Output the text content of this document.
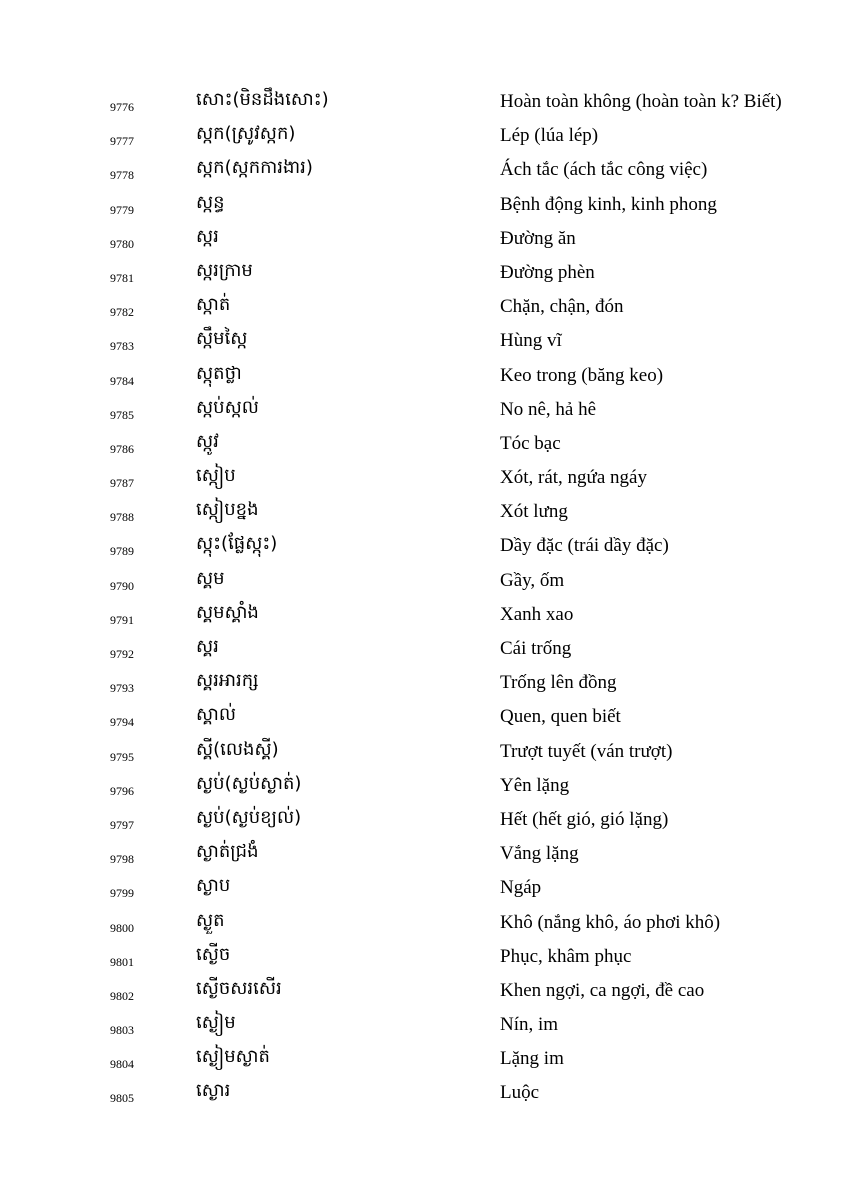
9776	សោះ(មិនដឹងសោះ)	Hoàn toàn không (hoàn toàn k? Biết)
9777	ស្កក(ស្រូវស្កក)	Lép (lúa lép)
9778	ស្កក(ស្កកការងារ)	Ách tắc (ách tắc công việc)
9779	ស្កន្ធ	Bệnh động kinh, kinh phong
9780	ស្ករ	Đường ăn
9781	ស្ករក្រាម	Đường phèn
9782	ស្កាត់	Chặn, chận, đón
9783	ស្កឹមស្កៃ	Hùng vĩ
9784	ស្កុតថ្លា	Keo trong (băng keo)
9785	ស្កប់ស្កល់	No nê, hả hê
9786	ស្កូវ	Tóc bạc
9787	ស្កៀប	Xót, rát, ngứa ngáy
9788	ស្កៀបខ្នង	Xót lưng
9789	ស្កុះ(ផ្លែស្កុះ)	Dầy đặc (trái dầy đặc)
9790	ស្គម	Gầy, ốm
9791	ស្គមស្គាំង	Xanh xao
9792	ស្គរ	Cái trống
9793	ស្គរអារក្ស	Trống lên đồng
9794	ស្គាល់	Quen, quen biết
9795	ស្គី(លេងស្គី)	Trượt tuyết (ván trượt)
9796	ស្ងប់(ស្ងប់ស្ងាត់)	Yên lặng
9797	ស្ងប់(ស្ងប់ខ្យល់)	Hết (hết gió, gió lặng)
9798	ស្ងាត់ជ្រងំ	Vắng lặng
9799	ស្ងាប	Ngáp
9800	ស្ងួត	Khô (nắng khô, áo phơi khô)
9801	ស្ងើច	Phục, khâm phục
9802	ស្ងើចសរសើរ	Khen ngợi, ca ngợi, đề cao
9803	ស្ងៀម	Nín, im
9804	ស្ងៀមស្ងាត់	Lặng im
9805	ស្ងោរ	Luộc
